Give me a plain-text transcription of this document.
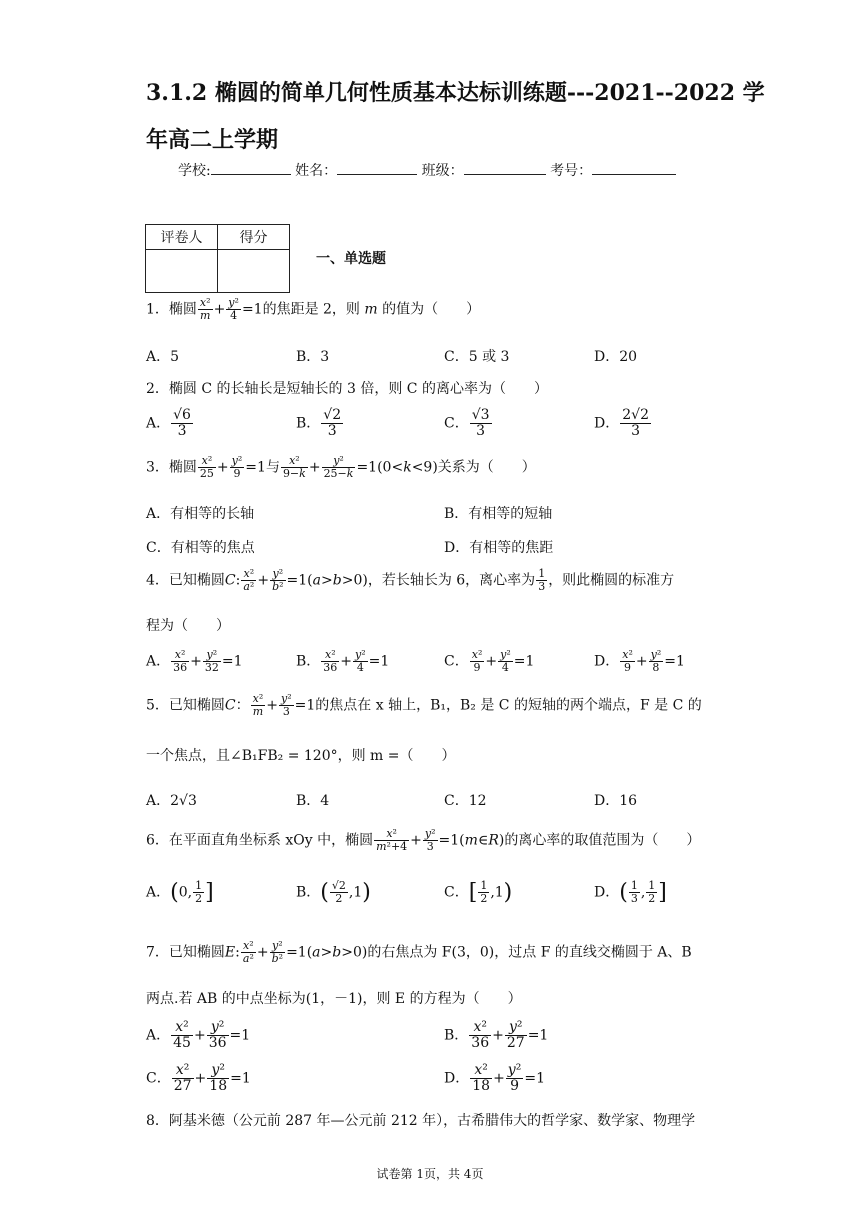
3.1.2 椭圆的简单几何性质基本达标训练题---2021--2022 学年高二上学期
学校:	姓名：	班级：	考号：
评卷人	得分

一、单选题
1．椭圆 $\frac{\text{x²}}{m} + \frac{\text{y²}}{4} =1$的焦距是 2，则 m 的值为（　　）
A．5	B．3	C．5 或 3	D．20
2．椭圆 C 的长轴长是短轴长的 3 倍，则 C 的离心率为（　　）
A． $\frac{√6}{3}$	B． $\frac{√2}{3}$	C． $\frac{√3}{3}$	D． $\frac{2√2}{3}$
3．椭圆 $\frac{\text{x²}}{25} + \frac{\text{y²}}{9} =1$与 $\frac{\text{x²}}{9-k} + \frac{\text{y²}}{25-k} =1(0<k<9)$关系为（　　）
A．有相等的长轴	B．有相等的短轴
C．有相等的焦点	D．有相等的焦距
4．已知椭圆C: $\frac{\text{x²}}{\text{a²}} + \frac{\text{y²}}{\text{b²}} =1(a>b>0)$，若长轴长为 6，离心率为 $\frac{1}{3}$ ，则此椭圆的标准方
程为（　　）
A． $\frac{\text{x²}}{36} + \frac{\text{y²}}{32} =1$	B． $\frac{\text{x²}}{36} + \frac{\text{y²}}{4} =1$	C． $\frac{\text{x²}}{9} + \frac{\text{y²}}{4} =1$	D． $\frac{\text{x²}}{9} + \frac{\text{y²}}{8} =1$
5．已知椭圆C： $\frac{\text{x²}}{m} + \frac{\text{y²}}{3} =1$的焦点在 x 轴上，B₁，B₂ 是 C 的短轴的两个端点，F 是 C 的
一个焦点，且∠B₁FB₂ = 120°，则 m =（　　）
A．2√3	B．4	C．12	D．16
6．在平面直角坐标系 xOy 中，椭圆 $\frac{\text{x²}}{\text{m²+4}} + \frac{\text{y²}}{3}$ =1(m∈R)的离心率的取值范围为（　　）
A．(0, $\frac{1}{2}$ ]	B．( $\frac{√2}{2} ,1$)	C．[ $\frac{1}{2} ,1$)	D．( $\frac{1}{3}$ , $\frac{1}{2}$ ]
7．已知椭圆E: $\frac{\text{x²}}{\text{a²}} + \frac{\text{y²}}{\text{b²}} =1(a>b>0)$的右焦点为 F(3，0)，过点 F 的直线交椭圆于 A、B
两点.若 AB 的中点坐标为(1，－1)，则 E 的方程为（　　）
A． $\frac{\text{x²}}{45} + \frac{\text{y²}}{36} =1$	B． $\frac{\text{x²}}{36} + \frac{\text{y²}}{27} =1$
C． $\frac{\text{x²}}{27} + \frac{\text{y²}}{18} =1$	D． $\frac{\text{x²}}{18} + \frac{\text{y²}}{9} =1$
8．阿基米德（公元前 287 年—公元前 212 年），古希腊伟大的哲学家、数学家、物理学
试卷第 1页，共 4页
